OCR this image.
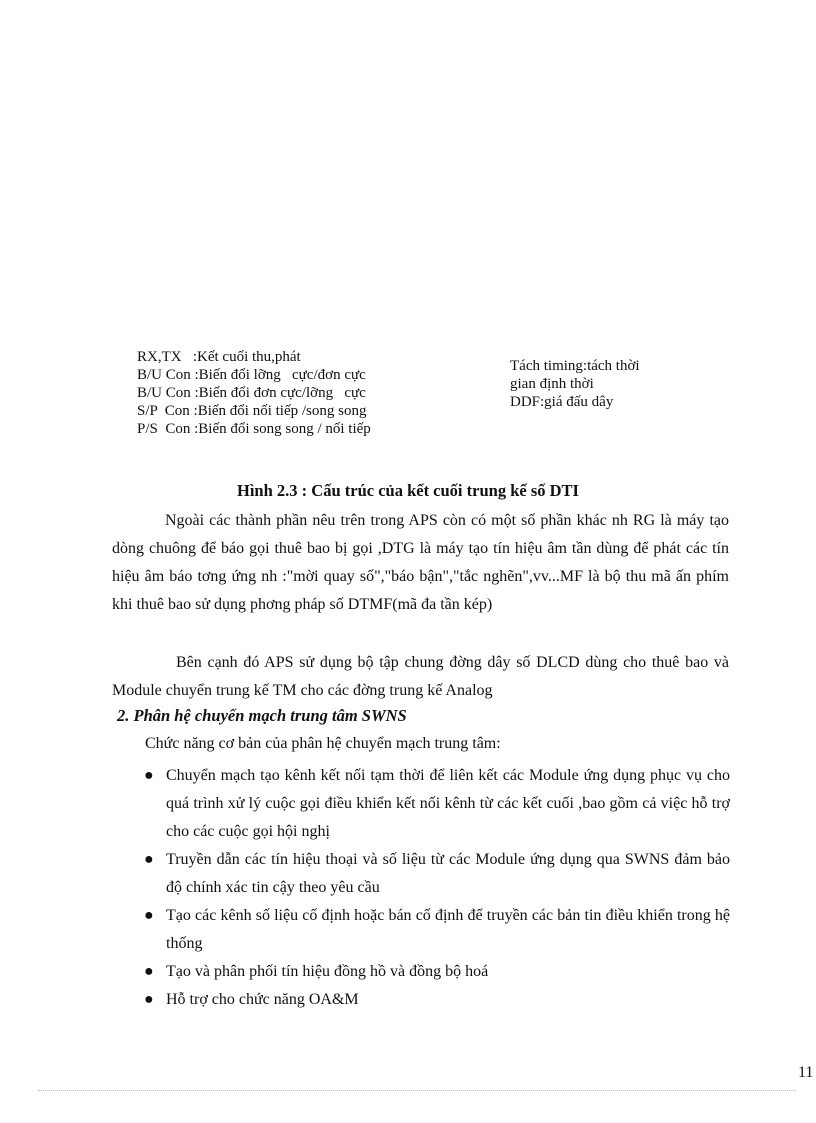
RX,TX   :Kết cuối thu,phát
B/U Con :Biến đổi lỡng   cực/đơn cực
B/U Con :Biến đổi đơn cực/lỡng   cực
S/P  Con :Biến đổi nối tiếp /song song
P/S  Con :Biến đổi song song / nối tiếp
Tách timing:tách thời
gian định thời
DDF:giá đấu dây
Hình 2.3 : Cấu trúc của kết cuối trung kế số DTI
Ngoài các thành phần nêu trên trong APS còn có một số phần khác nh RG là máy tạo dòng chuông để báo gọi thuê bao bị gọi ,DTG là máy tạo tín hiệu âm tần dùng để phát các tín hiệu âm báo tơng ứng nh :"mời quay số","báo bận","tắc nghẽn",vv...MF là bộ thu mã ấn phím khi thuê bao sử dụng phơng pháp số DTMF(mã đa tần kép)
Bên cạnh đó APS sử dụng bộ tập chung đờng dây số DLCD dùng cho thuê bao và Module chuyển trung kế TM cho các đờng trung kế Analog
2. Phân hệ chuyển mạch trung tâm SWNS
Chức năng cơ bản của phân hệ chuyển mạch trung tâm:
● Chuyển mạch tạo kênh kết nối tạm thời để liên kết các Module ứng dụng phục vụ cho quá trình xử lý cuộc gọi điều khiển kết nối kênh từ các kết cuối ,bao gồm cả việc hỗ trợ cho các cuộc gọi hội nghị
● Truyền dẫn các tín hiệu thoại và số liệu từ các Module ứng dụng qua SWNS đảm bảo độ chính xác tin cậy theo yêu cầu
● Tạo các kênh số liệu cố định hoặc bán cố định để truyền các bản tin điều khiển trong hệ thống
● Tạo và phân phối tín hiệu đồng hồ và đồng bộ hoá
● Hỗ trợ cho chức năng OA&M
11
